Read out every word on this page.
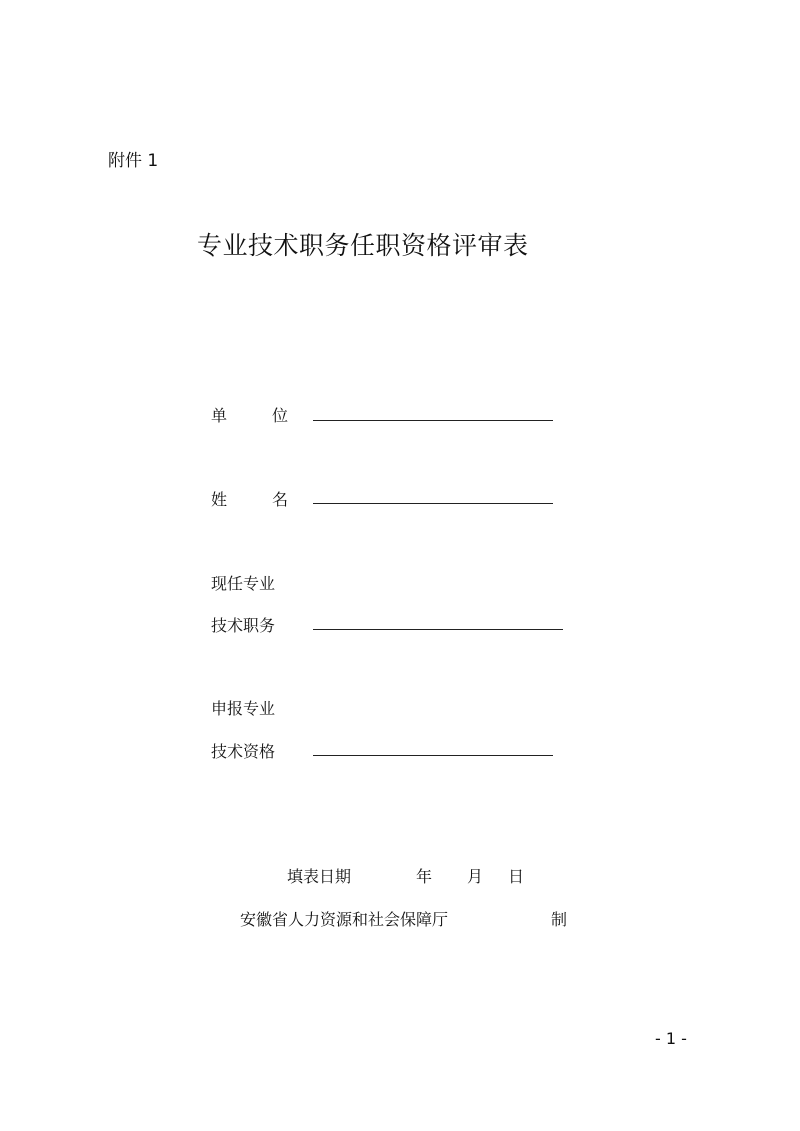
附件 1
专业技术职务任职资格评审表
单	位
姓	名
现任专业
技术职务
申报专业
技术资格
填表日期	年 月 日
安徽省人力资源和社会保障厅	制
- 1 -
